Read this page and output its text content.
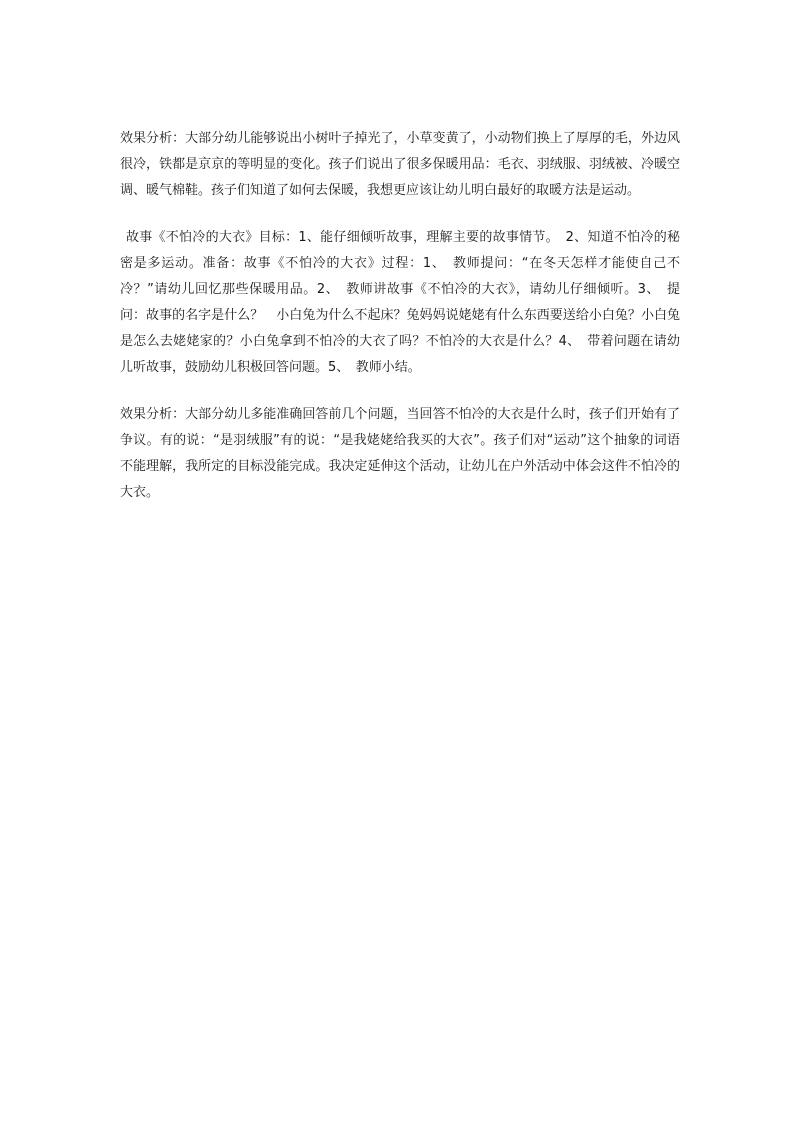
效果分析：大部分幼儿能够说出小树叶子掉光了，小草变黄了，小动物们换上了厚厚的毛，外边风很冷，铁都是京京的等明显的变化。孩子们说出了很多保暖用品：毛衣、羽绒服、羽绒被、冷暖空调、暖气棉鞋。孩子们知道了如何去保暖，我想更应该让幼儿明白最好的取暖方法是运动。

故事《不怕冷的大衣》目标：1、能仔细倾听故事，理解主要的故事情节。　2、知道不怕冷的秘密是多运动。准备：故事《不怕冷的大衣》过程：1、　教师提问：“在冬天怎样才能使自己不冷？”请幼儿回忆那些保暖用品。2、　教师讲故事《不怕冷的大衣》，请幼儿仔细倾听。3、　提问：故事的名字是什么？　小白兔为什么不起床？兔妈妈说姥姥有什么东西要送给小白兔？小白兔是怎么去姥姥家的？小白兔拿到不怕冷的大衣了吗？不怕冷的大衣是什么？4、　带着问题在请幼儿听故事，鼓励幼儿积极回答问题。5、　教师小结。

效果分析：大部分幼儿多能准确回答前几个问题，当回答不怕冷的大衣是什么时，孩子们开始有了争议。有的说：“是羽绒服”有的说：“是我姥姥给我买的大衣”。孩子们对“运动”这个抽象的词语不能理解，我所定的目标没能完成。我决定延伸这个活动，让幼儿在户外活动中体会这件不怕冷的大衣。
